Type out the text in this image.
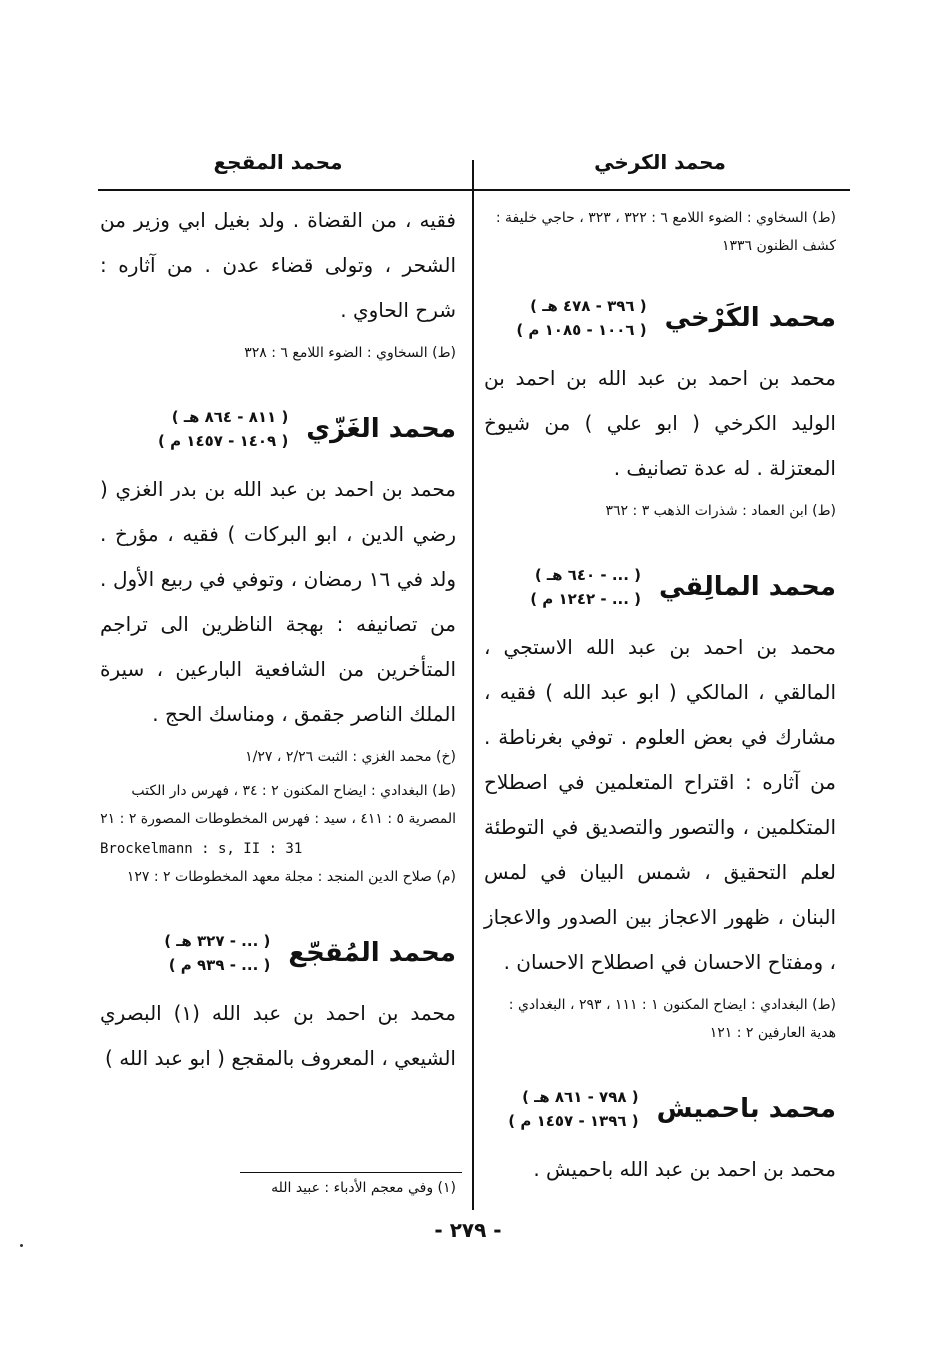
محمد الكرخي
محمد المقجع

(ط) السخاوي : الضوء اللامع ٦ : ٣٢٢ ، ٣٢٣ ، حاجي خليفة : كشف الظنون ١٣٣٦

محمد الكَرْخي
( ٣٩٦ - ٤٧٨ هـ )
( ١٠٠٦ - ١٠٨٥ م )

محمد بن احمد بن عبد الله بن احمد بن الوليد الكرخي ( ابو علي ) من شيوخ المعتزلة . له عدة تصانيف .

(ط) ابن العماد : شذرات الذهب ٣ : ٣٦٢

محمد المالِقي
( ... - ٦٤٠ هـ )
( ... - ١٢٤٢ م )

محمد بن احمد بن عبد الله الاستجي ، المالقي ، المالكي ( ابو عبد الله ) فقيه ، مشارك في بعض العلوم . توفي بغرناطة . من آثاره : اقتراح المتعلمين في اصطلاح المتكلمين ، والتصور والتصديق في التوطئة لعلم التحقيق ، شمس البيان في لمس البنان ، ظهور الاعجاز بين الصدور والاعجاز ، ومفتاح الاحسان في اصطلاح الاحسان .

(ط) البغدادي : ايضاح المكنون ١ : ١١١ ، ٢٩٣ ، البغدادي : هدية العارفين ٢ : ١٢١

محمد باحميش
( ٧٩٨ - ٨٦١ هـ )
( ١٣٩٦ - ١٤٥٧ م )

محمد بن احمد بن عبد الله باحميش .

فقيه ، من القضاة . ولد بغيل ابي وزير من الشحر ، وتولى قضاء عدن . من آثاره : شرح الحاوي .

(ط) السخاوي : الضوء اللامع ٦ : ٣٢٨

محمد الغَزّي
( ٨١١ - ٨٦٤ هـ )
( ١٤٠٩ - ١٤٥٧ م )

محمد بن احمد بن عبد الله بن بدر الغزي ( رضي الدين ، ابو البركات ) فقيه ، مؤرخ . ولد في ١٦ رمضان ، وتوفي في ربيع الأول . من تصانيفه : بهجة الناظرين الى تراجم المتأخرين من الشافعية البارعين ، سيرة الملك الناصر جقمق ، ومناسك الحج .

(خ) محمد الغزي : الثبت ٢/٢٦ ، ١/٢٧

(ط) البغدادي : ايضاح المكنون ٢ : ٣٤ ، فهرس دار الكتب المصرية ٥ : ٤١١ ، سيد : فهرس المخطوطات المصورة ٢ : ٢١

Brockelmann : s, II : 31

(م) صلاح الدين المنجد : مجلة معهد المخطوطات ٢ : ١٢٧

محمد المُقجّع
( ... - ٣٢٧ هـ )
( ... - ٩٣٩ م )

محمد بن احمد بن عبد الله (١) البصري الشيعي ، المعروف بالمقجع ( ابو عبد الله )

(١) وفي معجم الأدباء : عبيد الله
- ٢٧٩ -
